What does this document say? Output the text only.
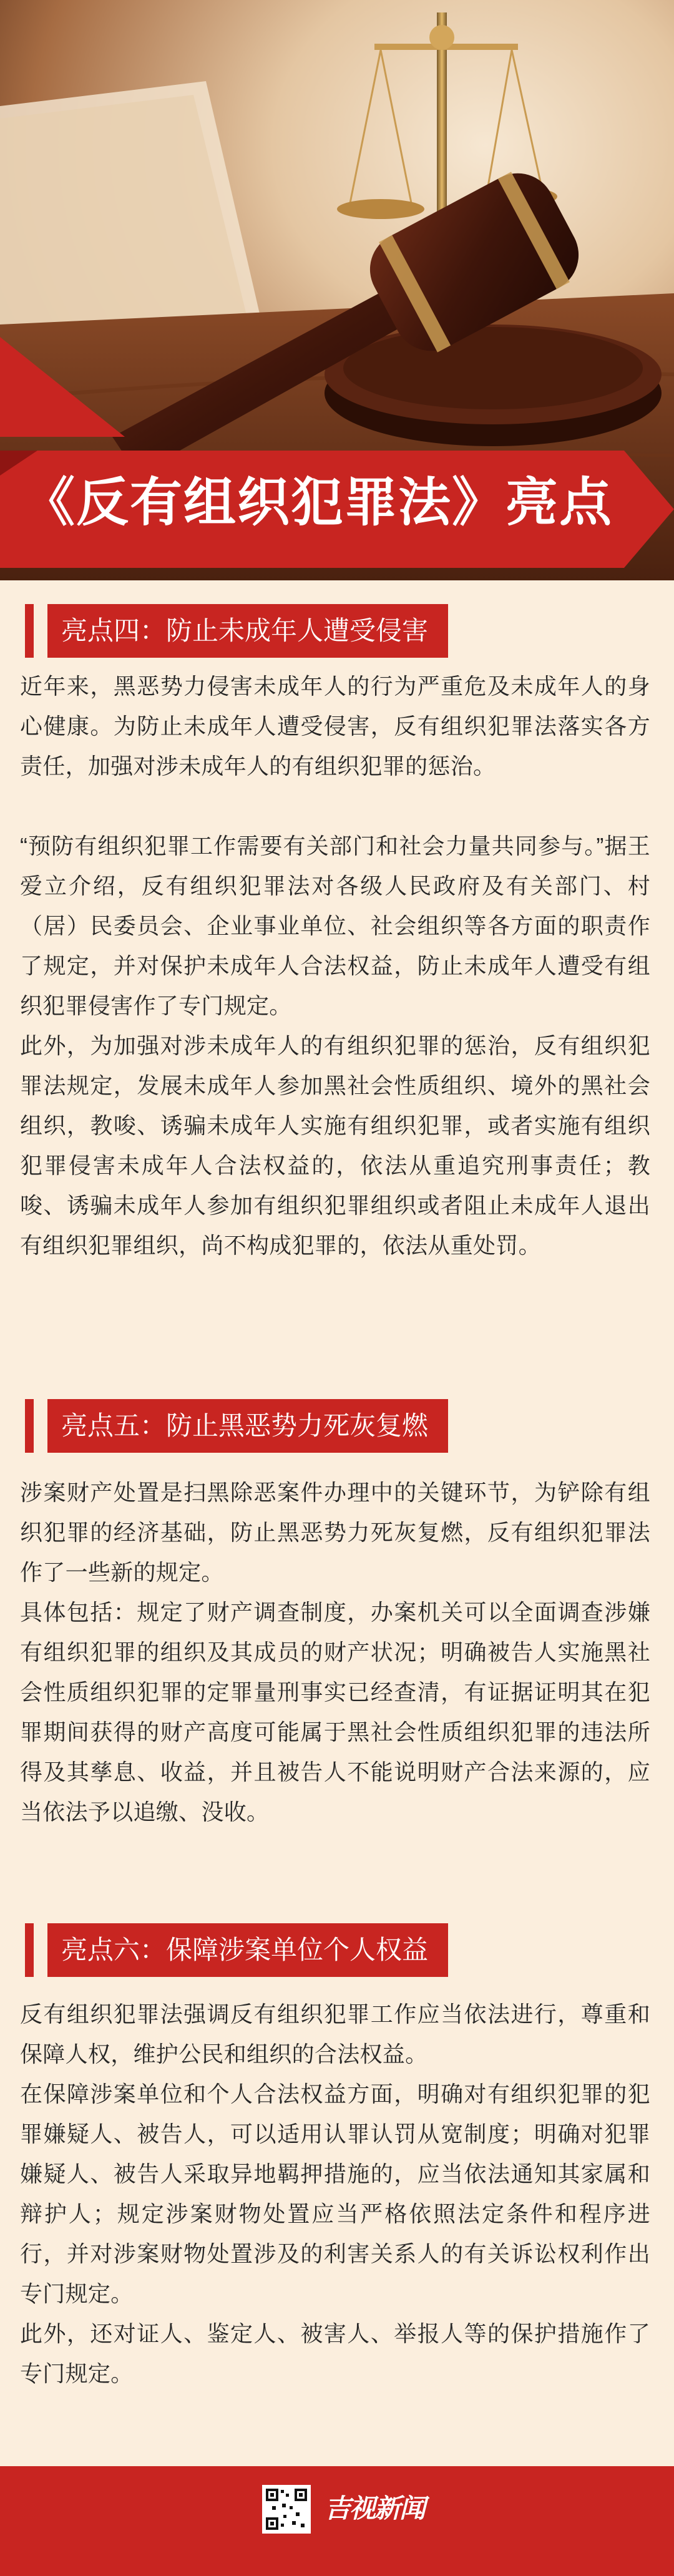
《反有组织犯罪法》亮点
亮点四：防止未成年人遭受侵害
近年来，黑恶势力侵害未成年人的行为严重危及未成年人的身心健康。为防止未成年人遭受侵害，反有组织犯罪法落实各方责任，加强对涉未成年人的有组织犯罪的惩治。
“预防有组织犯罪工作需要有关部门和社会力量共同参与。”据王爱立介绍，反有组织犯罪法对各级人民政府及有关部门、村（居）民委员会、企业事业单位、社会组织等各方面的职责作了规定，并对保护未成年人合法权益，防止未成年人遭受有组织犯罪侵害作了专门规定。
此外，为加强对涉未成年人的有组织犯罪的惩治，反有组织犯罪法规定，发展未成年人参加黑社会性质组织、境外的黑社会组织，教唆、诱骗未成年人实施有组织犯罪，或者实施有组织犯罪侵害未成年人合法权益的，依法从重追究刑事责任；教唆、诱骗未成年人参加有组织犯罪组织或者阻止未成年人退出有组织犯罪组织，尚不构成犯罪的，依法从重处罚。
亮点五：防止黑恶势力死灰复燃
涉案财产处置是扫黑除恶案件办理中的关键环节，为铲除有组织犯罪的经济基础，防止黑恶势力死灰复燃，反有组织犯罪法作了一些新的规定。
具体包括：规定了财产调查制度，办案机关可以全面调查涉嫌有组织犯罪的组织及其成员的财产状况；明确被告人实施黑社会性质组织犯罪的定罪量刑事实已经查清，有证据证明其在犯罪期间获得的财产高度可能属于黑社会性质组织犯罪的违法所得及其孳息、收益，并且被告人不能说明财产合法来源的，应当依法予以追缴、没收。
亮点六：保障涉案单位个人权益
反有组织犯罪法强调反有组织犯罪工作应当依法进行，尊重和保障人权，维护公民和组织的合法权益。
在保障涉案单位和个人合法权益方面，明确对有组织犯罪的犯罪嫌疑人、被告人，可以适用认罪认罚从宽制度；明确对犯罪嫌疑人、被告人采取异地羁押措施的，应当依法通知其家属和辩护人；规定涉案财物处置应当严格依照法定条件和程序进行，并对涉案财物处置涉及的利害关系人的有关诉讼权利作出专门规定。
此外，还对证人、鉴定人、被害人、举报人等的保护措施作了专门规定。
吉视新闻
